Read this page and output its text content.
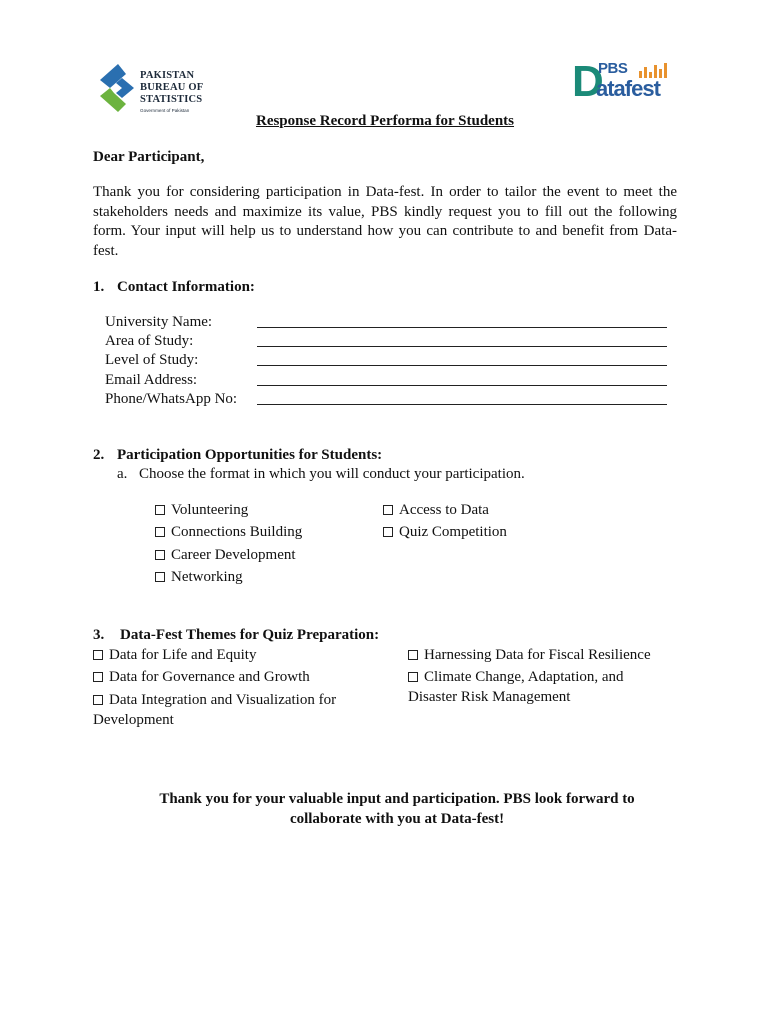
PAKISTAN
BUREAU OF
STATISTICS
Government of Pakistan
D
PBS
atafest
Response Record Performa for Students
Dear Participant,
Thank you for considering participation in Data-fest. In order to tailor the event to meet the stakeholders needs and maximize its value, PBS kindly request you to fill out the following form. Your input will help us to understand how you can contribute to and benefit from Data-fest.
1. Contact Information:
University Name:
Area of Study:
Level of Study:
Email Address:
Phone/WhatsApp No:
2. Participation Opportunities for Students:
a. Choose the format in which you will conduct your participation.
Volunteering
Connections Building
Career Development
Networking
Access to Data
Quiz Competition
3. Data-Fest Themes for Quiz Preparation:
Data for Life and Equity
Data for Governance and Growth
Data Integration and Visualization for Development
Harnessing Data for Fiscal Resilience
Climate Change, Adaptation, and Disaster Risk Management
Thank you for your valuable input and participation. PBS look forward to
collaborate with you at Data-fest!
